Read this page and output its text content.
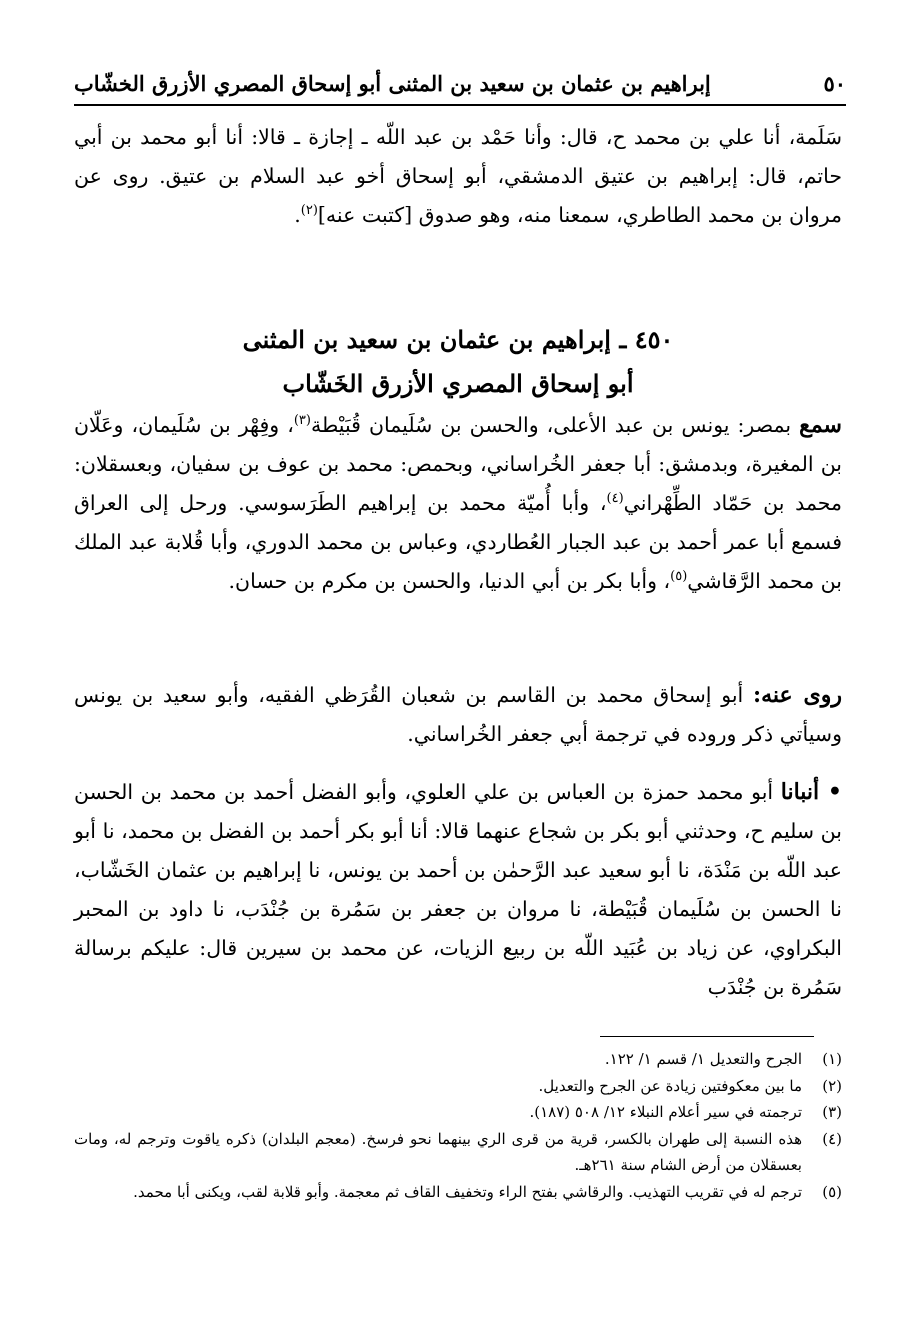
٥٠
إبراهيم بن عثمان بن سعيد بن المثنى أبو إسحاق المصري الأزرق الخشّاب
سَلَمة، أنا علي بن محمد ح، قال: وأنا حَمْد بن عبد اللّه ـ إجازة ـ قالا: أنا أبو محمد بن أبي حاتم، قال: إبراهيم بن عتيق الدمشقي، أبو إسحاق أخو عبد السلام بن عتيق. روى عن مروان بن محمد الطاطري، سمعنا منه، وهو صدوق [كتبت عنه]$^{(٢)}$.
٤٥٠ ـ إبراهيم بن عثمان بن سعيد بن المثنى
أبو إسحاق المصري الأزرق الخَشّاب
سمع بمصر: يونس بن عبد الأعلى، والحسن بن سُلَيمان قُبَيْطة$^{(٣)}$، وفِهْر بن سُلَيمان، وعَلّان بن المغيرة، وبدمشق: أبا جعفر الخُراساني، وبحمص: محمد بن عوف بن سفيان، وبعسقلان: محمد بن حَمّاد الطِّهْراني$^{(٤)}$، وأبا أُميّة محمد بن إبراهيم الطَرَسوسي. ورحل إلى العراق فسمع أبا عمر أحمد بن عبد الجبار العُطاردي، وعباس بن محمد الدوري، وأبا قُلابة عبد الملك بن محمد الرَّقاشي$^{(٥)}$، وأبا بكر بن أبي الدنيا، والحسن بن مكرم بن حسان.
روى عنه: أبو إسحاق محمد بن القاسم بن شعبان القُرَظي الفقيه، وأبو سعيد بن يونس وسيأتي ذكر وروده في ترجمة أبي جعفر الخُراساني.
• أنبانا أبو محمد حمزة بن العباس بن علي العلوي، وأبو الفضل أحمد بن محمد بن الحسن بن سليم ح، وحدثني أبو بكر بن شجاع عنهما قالا: أنا أبو بكر أحمد بن الفضل بن محمد، نا أبو عبد اللّه بن مَنْدَة، نا أبو سعيد عبد الرَّحمٰن بن أحمد بن يونس، نا إبراهيم بن عثمان الخَشّاب، نا الحسن بن سُلَيمان قُبَيْطة، نا مروان بن جعفر بن سَمُرة بن جُنْدَب، نا داود بن المحبر البكراوي، عن زياد بن عُبَيد اللّه بن ربيع الزيات، عن محمد بن سيرين قال: عليكم برسالة سَمُرة بن جُنْدَب
(١)
الجرح والتعديل ١/ قسم ١/ ١٢٢.
(٢)
ما بين معكوفتين زيادة عن الجرح والتعديل.
(٣)
ترجمته في سير أعلام النبلاء ١٢/ ٥٠٨ (١٨٧).
(٤)
هذه النسبة إلى طهران بالكسر، قرية من قرى الري بينهما نحو فرسخ. (معجم البلدان) ذكره ياقوت وترجم له، ومات بعسقلان من أرض الشام سنة ٢٦١هـ.
(٥)
ترجم له في تقريب التهذيب. والرقاشي بفتح الراء وتخفيف القاف ثم معجمة. وأبو قلابة لقب، ويكنى أبا محمد.
